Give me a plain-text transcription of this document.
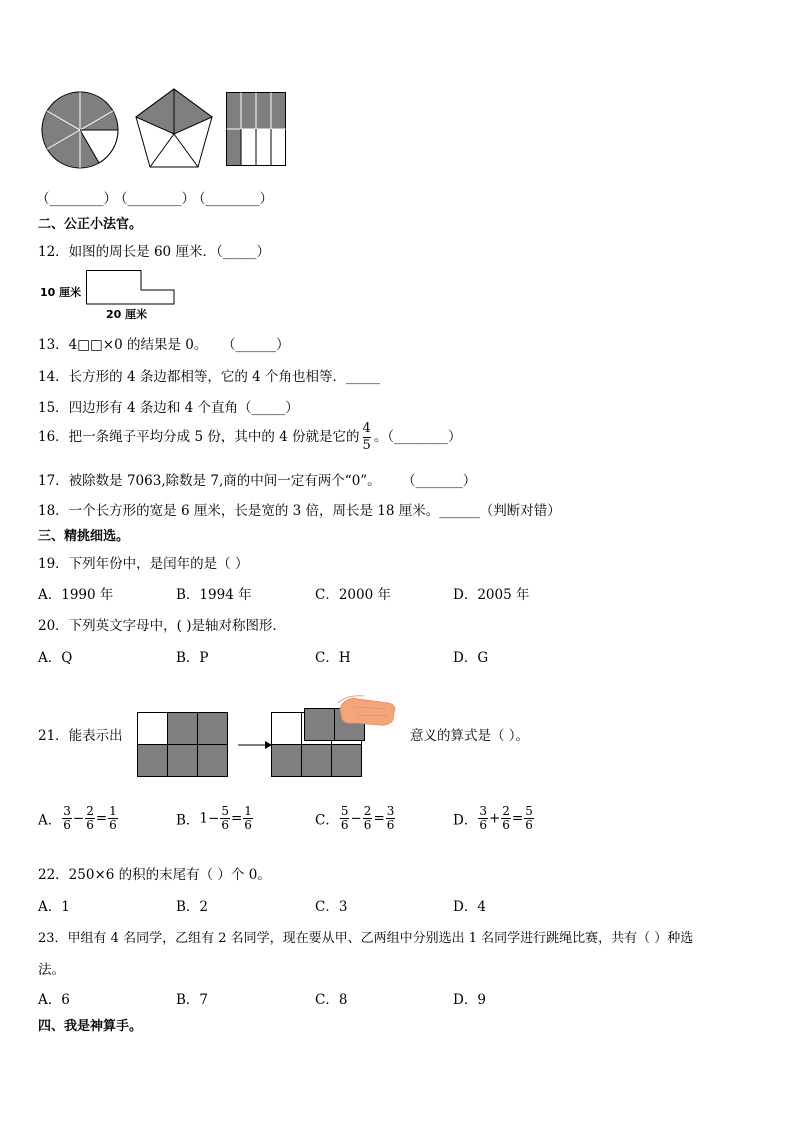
（________）
（________）
（________）
二、公正小法官。
12．如图的周长是 60 厘米．（_____）
10 厘米
20 厘米
13．4□□×0 的结果是 0。 （______）
14．长方形的 4 条边都相等，它的 4 个角也相等．_____
15．四边形有 4 条边和 4 个直角（_____）
16．把一条绳子平均分成 5 份，其中的 4 份就是它的 $\frac{4}{5}$ 。（________）
17．被除数是 7063,除数是 7,商的中间一定有两个“0”。 （_______）
18．一个长方形的宽是 6 厘米，长是宽的 3 倍，周长是 18 厘米。______（判断对错）
三、精挑细选。
19．下列年份中，是闰年的是（ ）
A．1990 年	B．1994 年	C．2000 年	D．2005 年
20．下列英文字母中，( )是轴对称图形．
A．Q	B．P	C．H	D．G
21．能表示出	意义的算式是（ ）。
A． $\frac{3}{6} - \frac{2}{6} = \frac{1}{6}$	B．$1- \frac{5}{6} = \frac{1}{6}$	C． $\frac{5}{6} - \frac{2}{6} = \frac{3}{6}$	D． $\frac{3}{6} + \frac{2}{6} = \frac{5}{6}$
22．250×6 的积的末尾有（ ）个 0。
A．1	B．2	C．3	D．4
23．甲组有 4 名同学，乙组有 2 名同学，现在要从甲、乙两组中分别选出 1 名同学进行跳绳比赛，共有（ ）种选
法。
A．6	B．7	C．8	D．9
四、我是神算手。
